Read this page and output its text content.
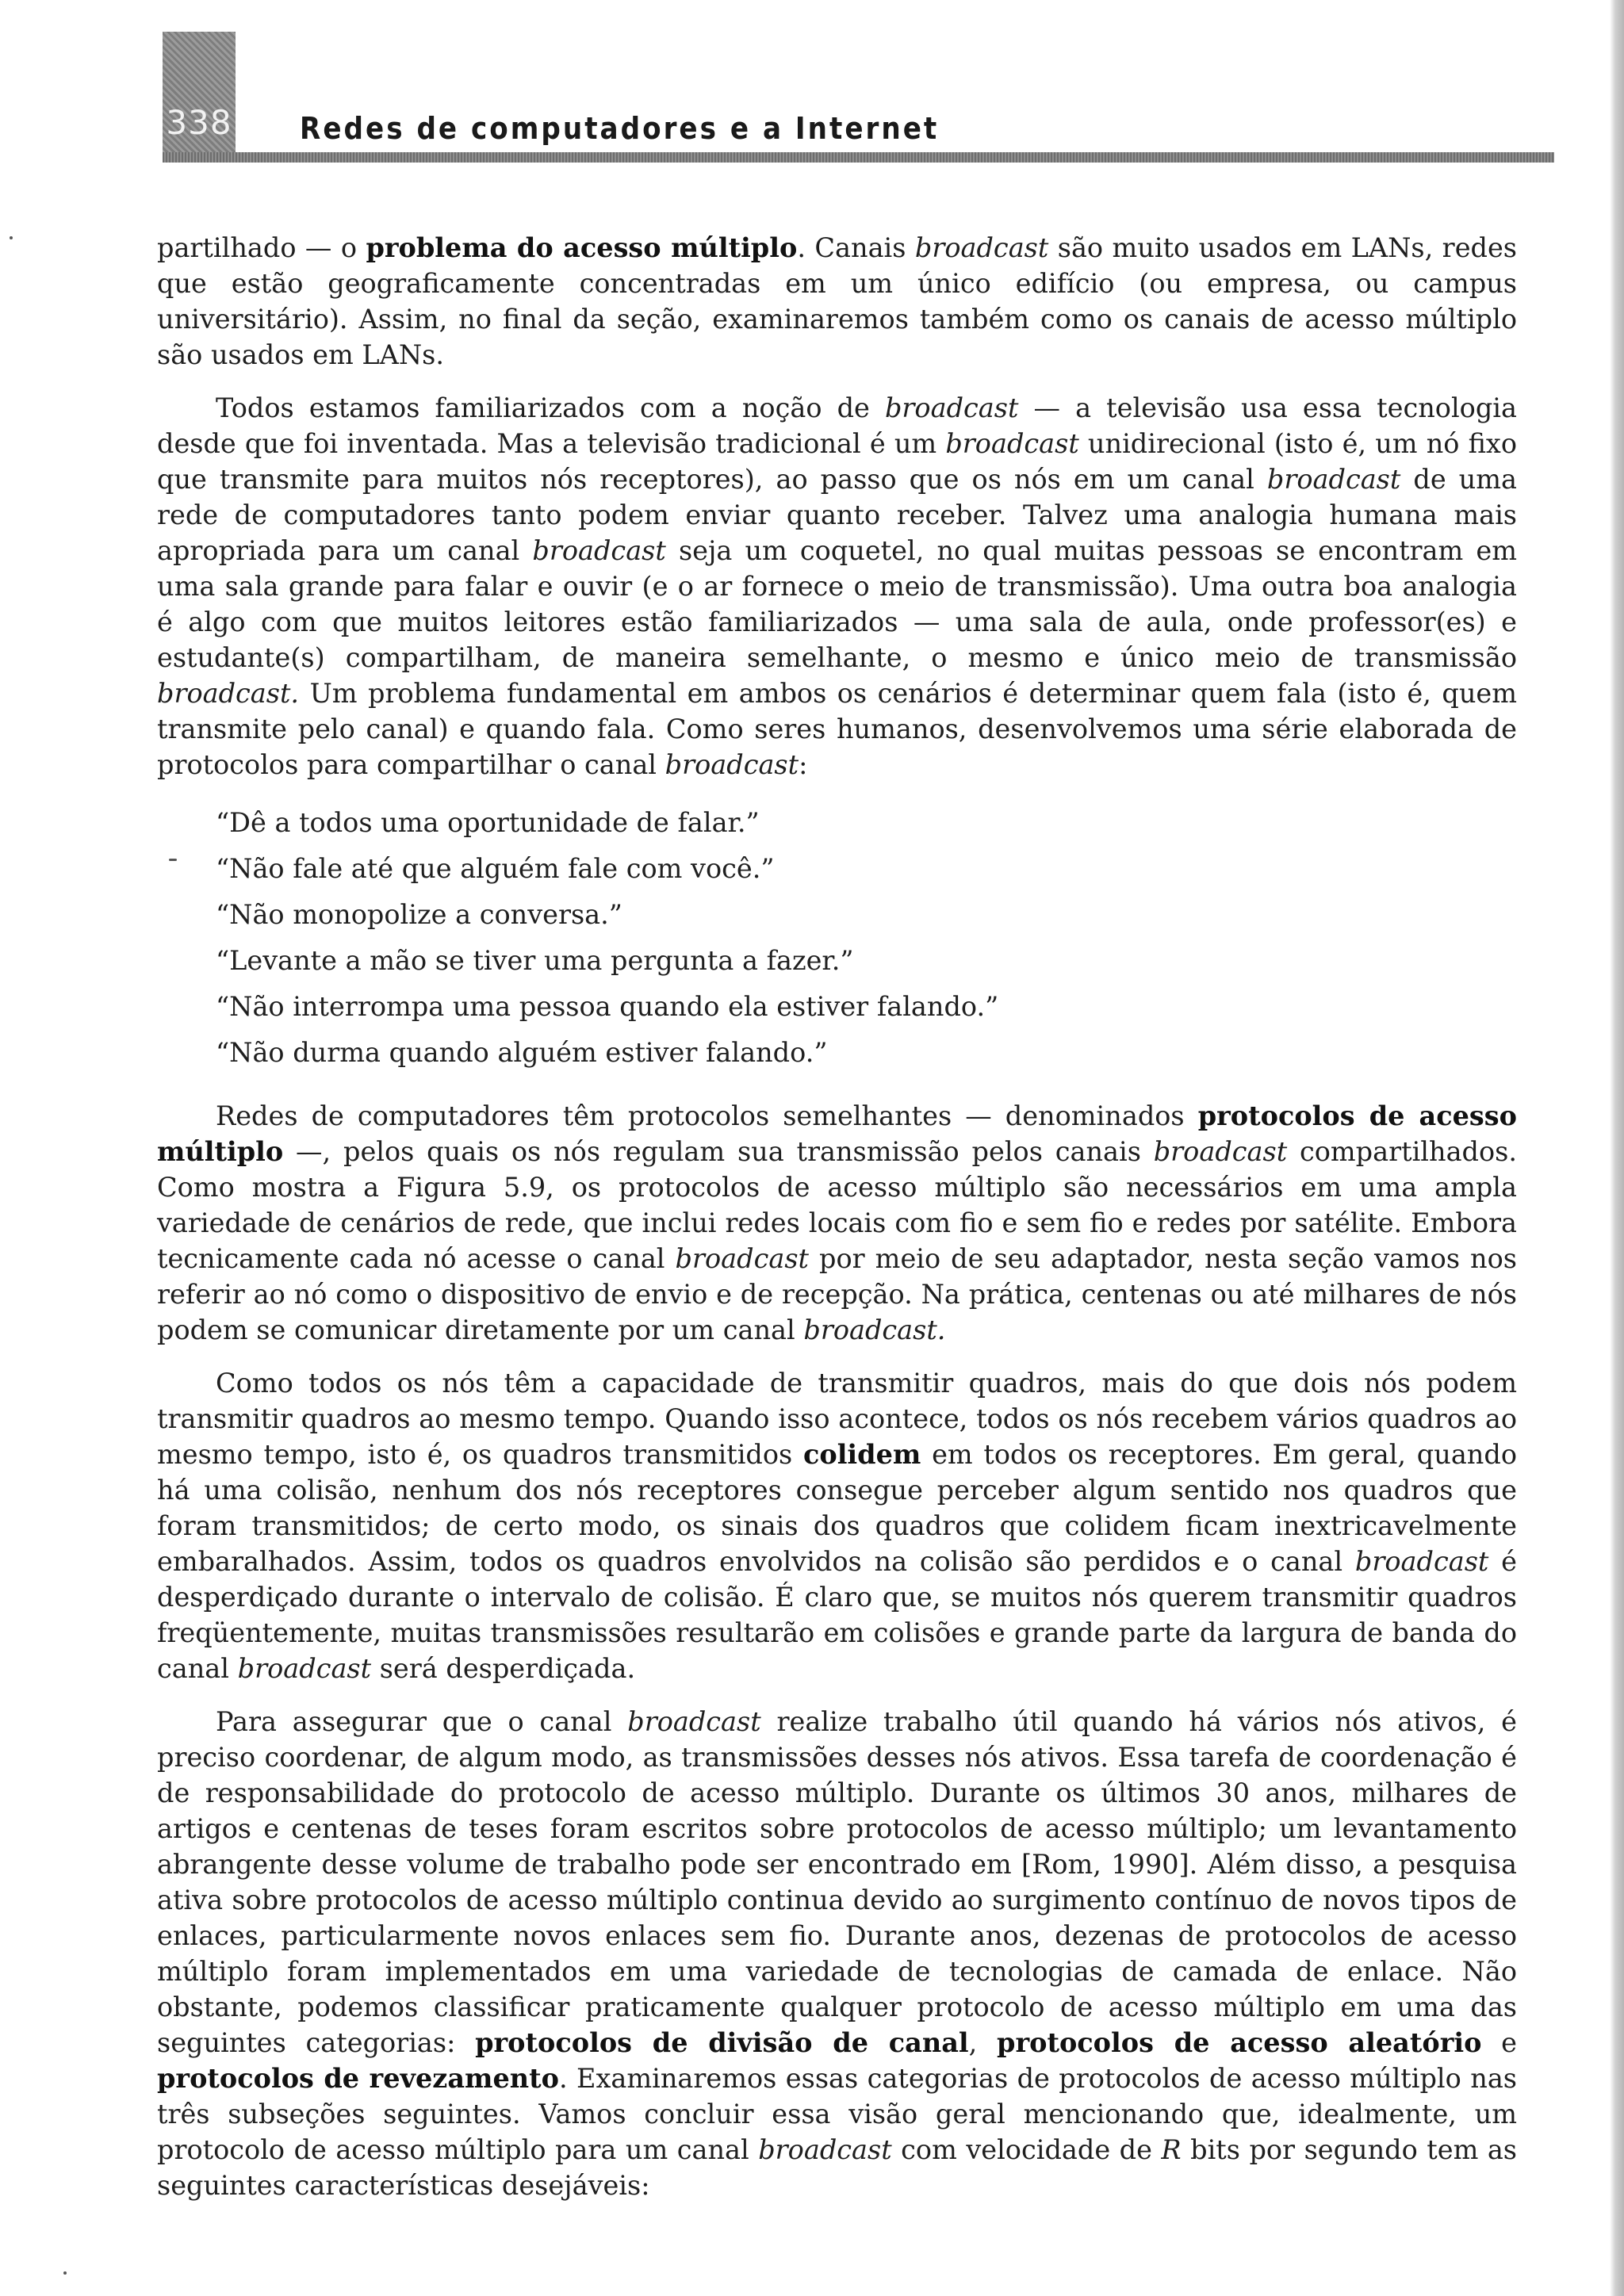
338 Redes de computadores e a Internet

partilhado — o problema do acesso múltiplo. Canais broadcast são muito usados em LANs, redes que estão geograficamente concentradas em um único edifício (ou empresa, ou campus universitário). Assim, no final da seção, examinaremos também como os canais de acesso múltiplo são usados em LANs.

Todos estamos familiarizados com a noção de broadcast — a televisão usa essa tecnologia desde que foi inventada. Mas a televisão tradicional é um broadcast unidirecional (isto é, um nó fixo que transmite para muitos nós receptores), ao passo que os nós em um canal broadcast de uma rede de computadores tanto podem enviar quanto receber. Talvez uma analogia humana mais apropriada para um canal broadcast seja um coquetel, no qual muitas pessoas se encontram em uma sala grande para falar e ouvir (e o ar fornece o meio de transmissão). Uma outra boa analogia é algo com que muitos leitores estão familiarizados — uma sala de aula, onde professor(es) e estudante(s) compartilham, de maneira semelhante, o mesmo e único meio de transmissão broadcast. Um problema fundamental em ambos os cenários é determinar quem fala (isto é, quem transmite pelo canal) e quando fala. Como seres humanos, desenvolvemos uma série elaborada de protocolos para compartilhar o canal broadcast:

“Dê a todos uma oportunidade de falar.”
“Não fale até que alguém fale com você.”
“Não monopolize a conversa.”
“Levante a mão se tiver uma pergunta a fazer.”
“Não interrompa uma pessoa quando ela estiver falando.”
“Não durma quando alguém estiver falando.”

Redes de computadores têm protocolos semelhantes — denominados protocolos de acesso múltiplo —, pelos quais os nós regulam sua transmissão pelos canais broadcast compartilhados. Como mostra a Figura 5.9, os protocolos de acesso múltiplo são necessários em uma ampla variedade de cenários de rede, que inclui redes locais com fio e sem fio e redes por satélite. Embora tecnicamente cada nó acesse o canal broadcast por meio de seu adaptador, nesta seção vamos nos referir ao nó como o dispositivo de envio e de recepção. Na prática, centenas ou até milhares de nós podem se comunicar diretamente por um canal broadcast.

Como todos os nós têm a capacidade de transmitir quadros, mais do que dois nós podem transmitir quadros ao mesmo tempo. Quando isso acontece, todos os nós recebem vários quadros ao mesmo tempo, isto é, os quadros transmitidos colidem em todos os receptores. Em geral, quando há uma colisão, nenhum dos nós receptores consegue perceber algum sentido nos quadros que foram transmitidos; de certo modo, os sinais dos quadros que colidem ficam inextricavelmente embaralhados. Assim, todos os quadros envolvidos na colisão são perdidos e o canal broadcast é desperdiçado durante o intervalo de colisão. É claro que, se muitos nós querem transmitir quadros freqüentemente, muitas transmissões resultarão em colisões e grande parte da largura de banda do canal broadcast será desperdiçada.

Para assegurar que o canal broadcast realize trabalho útil quando há vários nós ativos, é preciso coordenar, de algum modo, as transmissões desses nós ativos. Essa tarefa de coordenação é de responsabilidade do protocolo de acesso múltiplo. Durante os últimos 30 anos, milhares de artigos e centenas de teses foram escritos sobre protocolos de acesso múltiplo; um levantamento abrangente desse volume de trabalho pode ser encontrado em [Rom, 1990]. Além disso, a pesquisa ativa sobre protocolos de acesso múltiplo continua devido ao surgimento contínuo de novos tipos de enlaces, particularmente novos enlaces sem fio. Durante anos, dezenas de protocolos de acesso múltiplo foram implementados em uma variedade de tecnologias de camada de enlace. Não obstante, podemos classificar praticamente qualquer protocolo de acesso múltiplo em uma das seguintes categorias: protocolos de divisão de canal, protocolos de acesso aleatório e protocolos de revezamento. Examinaremos essas categorias de protocolos de acesso múltiplo nas três subseções seguintes. Vamos concluir essa visão geral mencionando que, idealmente, um protocolo de acesso múltiplo para um canal broadcast com velocidade de R bits por segundo tem as seguintes características desejáveis:
